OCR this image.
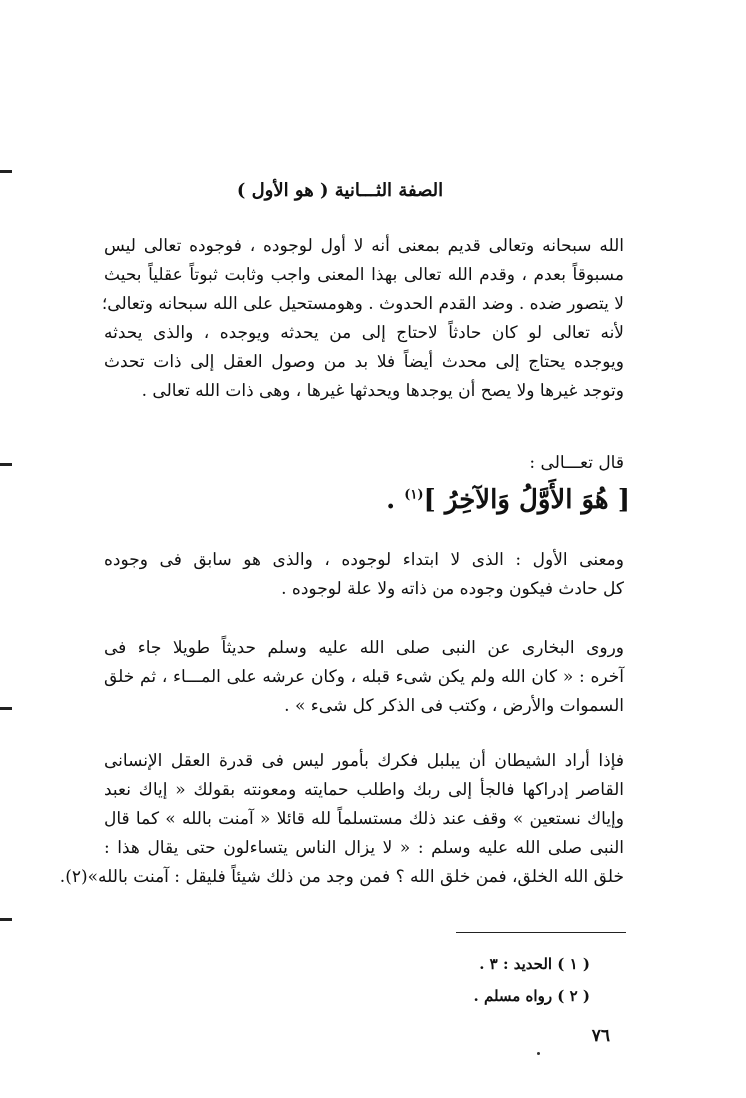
الصفة الثـــانية ( هو الأول )
الله سبحانه وتعالى قديم بمعنى أنه لا أول لوجوده ، فوجوده تعالى ليس
مسبوقاً بعدم ، وقدم الله تعالى بهذا المعنى واجب وثابت ثبوتاً عقلياً بحيث
لا يتصور ضده . وضد القدم الحدوث . وهومستحيل على الله سبحانه وتعالى؛
لأنه تعالى لو كان حادثاً لاحتاج إلى من يحدثه ويوجده ، والذى يحدثه
ويوجده يحتاج إلى محدث أيضاً فلا بد من وصول العقل إلى ذات تحدث
وتوجد غيرها ولا يصح أن يوجدها ويحدثها غيرها ، وهى ذات الله تعالى .
قال تعـــالى :
[ هُوَ الأَوَّلُ وَالآخِرُ ]$^{(١)}$ .
ومعنى الأول : الذى لا ابتداء لوجوده ، والذى هو سابق فى وجوده
كل حادث فيكون وجوده من ذاته ولا علة لوجوده .
وروى البخارى عن النبى صلى الله عليه وسلم حديثاً طويلا جاء فى
آخره : « كان الله ولم يكن شىء قبله ، وكان عرشه على المـــاء ، ثم خلق
السموات والأرض ، وكتب فى الذكر كل شىء » .
فإذا أراد الشيطان أن يبلبل فكرك بأمور ليس فى قدرة العقل الإنسانى
القاصر إدراكها فالجأ إلى ربك واطلب حمايته ومعونته بقولك « إياك نعبد
وإياك نستعين » وقف عند ذلك مستسلماً لله قائلا « آمنت بالله » كما قال
النبى صلى الله عليه وسلم : « لا يزال الناس يتساءلون حتى يقال هذا :
خلق الله الخلق، فمن خلق الله ؟ فمن وجد من ذلك شيئاً فليقل : آمنت بالله»(٢).
( ١ ) الحديد : ٣ .
( ٢ ) رواه مسلم .
٧٦
